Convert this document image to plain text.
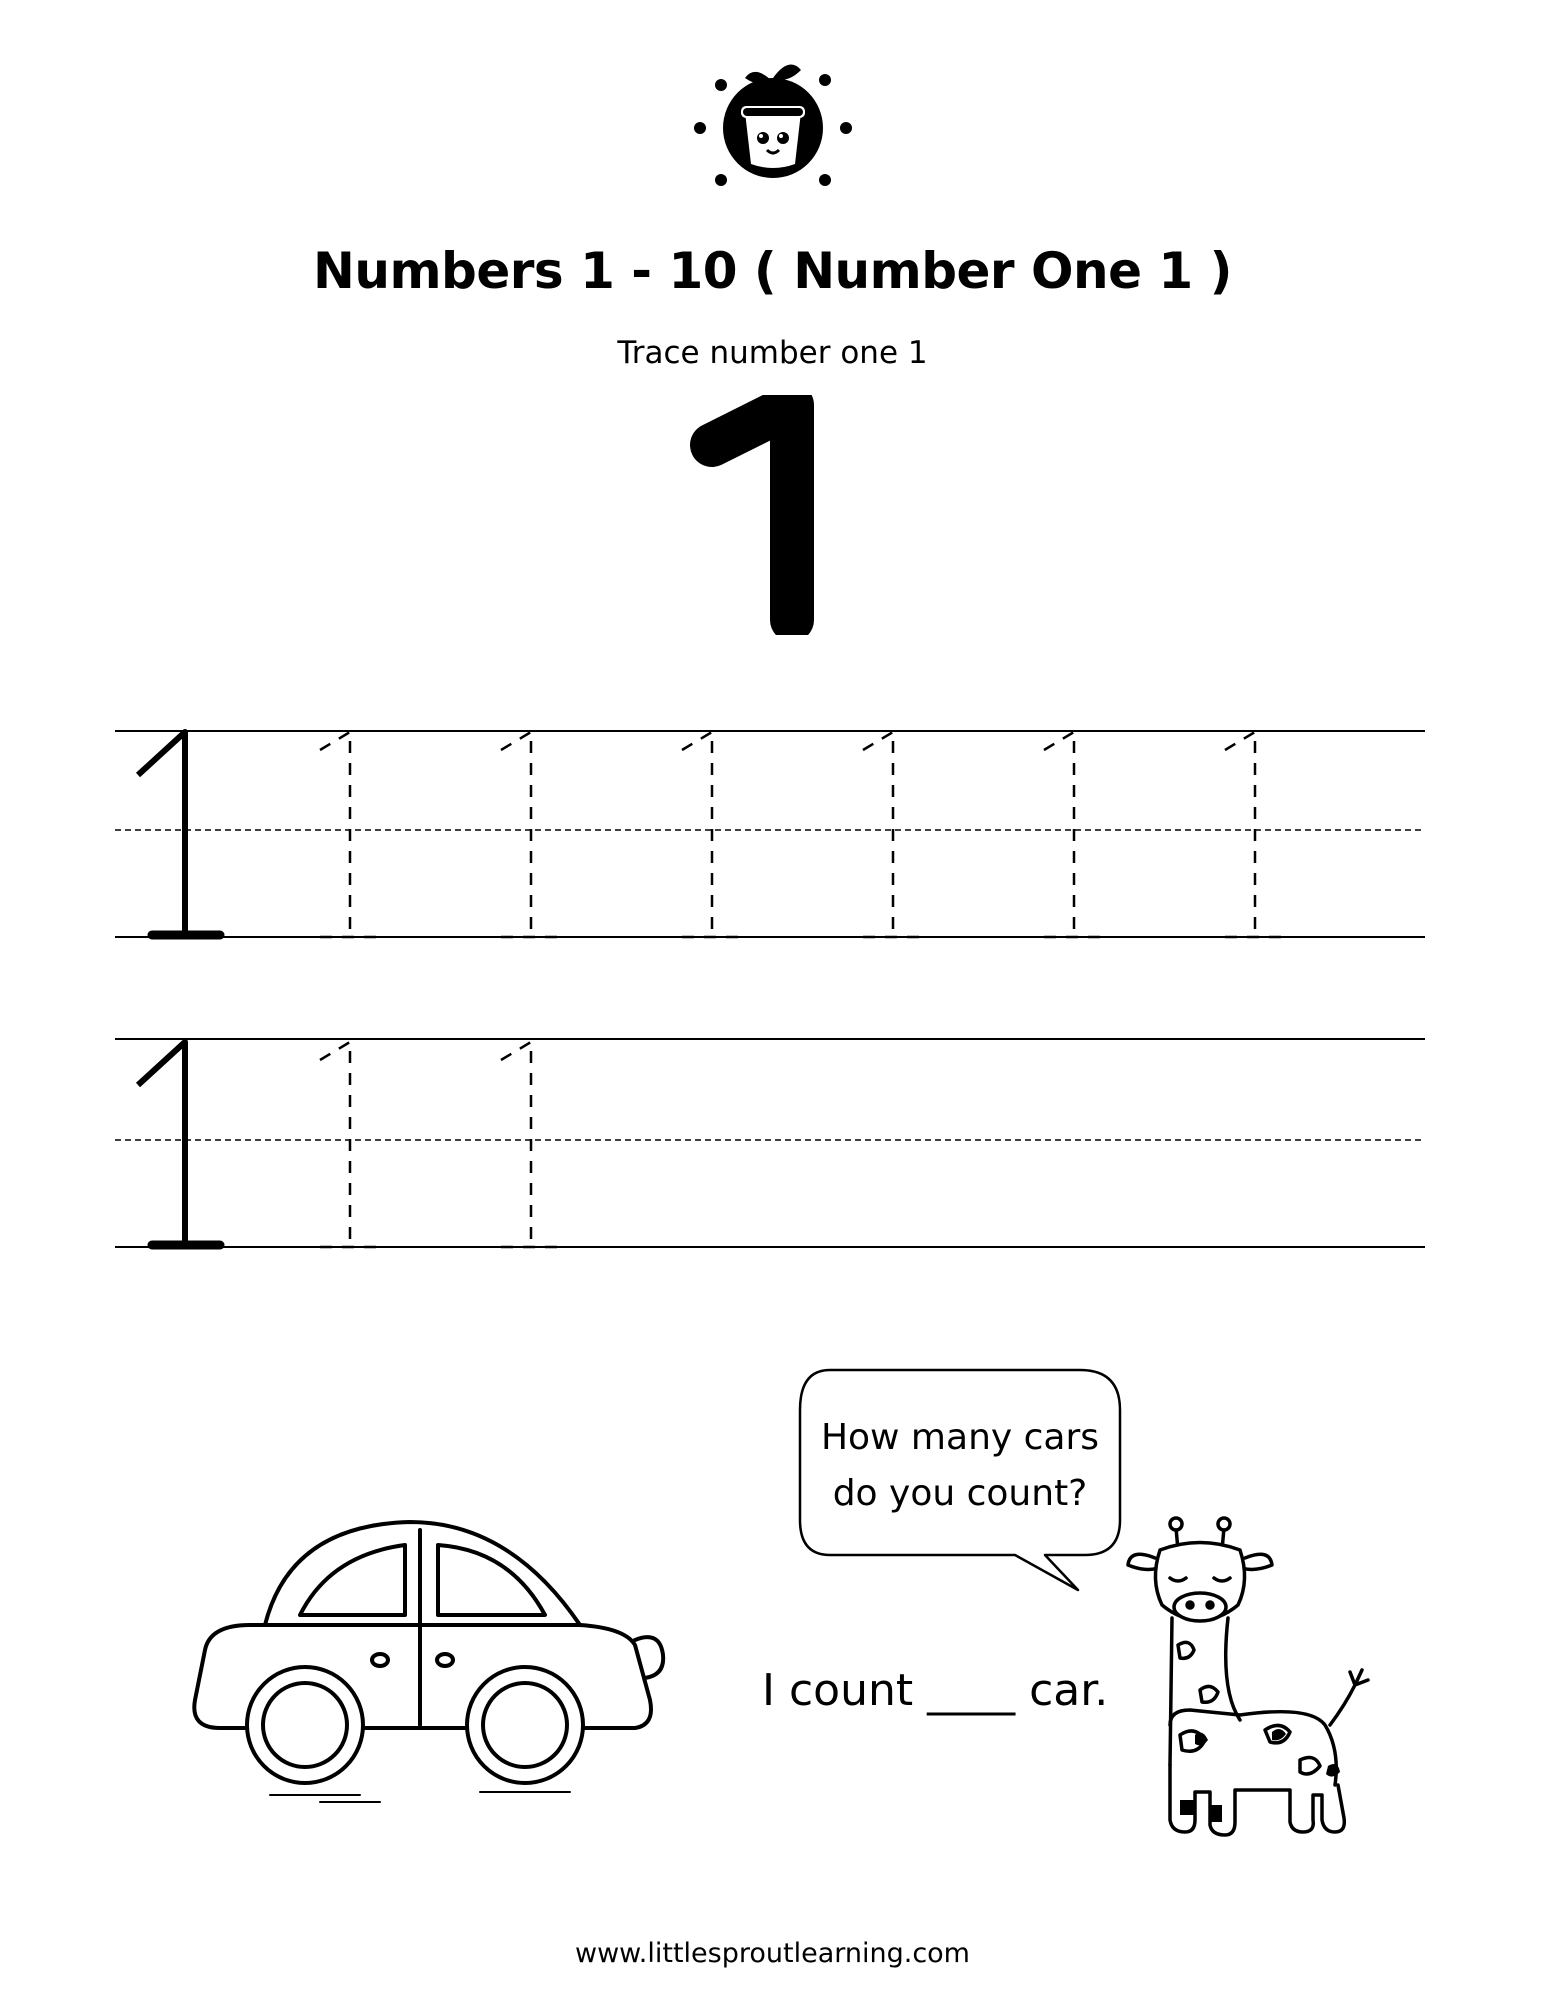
Numbers 1 - 10 ( Number One 1 )
Trace number one 1
How many cars
do you count?
I count ____ car.
www.littlesproutlearning.com
